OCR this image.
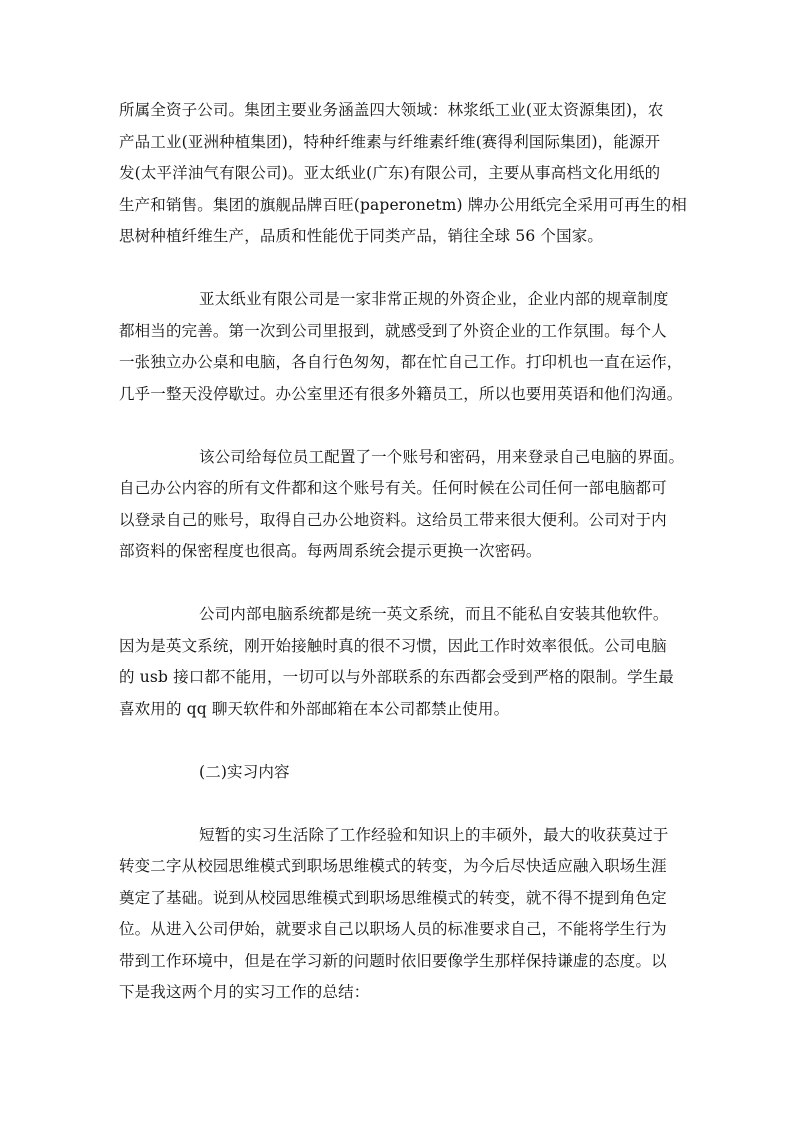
所属全资子公司。集团主要业务涵盖四大领域：林浆纸工业(亚太资源集团)，农
产品工业(亚洲种植集团)，特种纤维素与纤维素纤维(赛得利国际集团)，能源开
发(太平洋油气有限公司)。亚太纸业(广东)有限公司，主要从事高档文化用纸的
生产和销售。集团的旗舰品牌百旺(paperonetm) 牌办公用纸完全采用可再生的相
思树种植纤维生产，品质和性能优于同类产品，销往全球 56 个国家。
亚太纸业有限公司是一家非常正规的外资企业，企业内部的规章制度
都相当的完善。第一次到公司里报到，就感受到了外资企业的工作氛围。每个人
一张独立办公桌和电脑，各自行色匆匆，都在忙自己工作。打印机也一直在运作，
几乎一整天没停歇过。办公室里还有很多外籍员工，所以也要用英语和他们沟通。
该公司给每位员工配置了一个账号和密码，用来登录自己电脑的界面。
自己办公内容的所有文件都和这个账号有关。任何时候在公司任何一部电脑都可
以登录自己的账号，取得自己办公地资料。这给员工带来很大便利。公司对于内
部资料的保密程度也很高。每两周系统会提示更换一次密码。
公司内部电脑系统都是统一英文系统，而且不能私自安装其他软件。
因为是英文系统，刚开始接触时真的很不习惯，因此工作时效率很低。公司电脑
的 usb 接口都不能用，一切可以与外部联系的东西都会受到严格的限制。学生最
喜欢用的 qq 聊天软件和外部邮箱在本公司都禁止使用。
(二)实习内容
短暂的实习生活除了工作经验和知识上的丰硕外，最大的收获莫过于
转变二字从校园思维模式到职场思维模式的转变，为今后尽快适应融入职场生涯
奠定了基础。说到从校园思维模式到职场思维模式的转变，就不得不提到角色定
位。从进入公司伊始，就要求自己以职场人员的标准要求自己，不能将学生行为
带到工作环境中，但是在学习新的问题时依旧要像学生那样保持谦虚的态度。以
下是我这两个月的实习工作的总结：
